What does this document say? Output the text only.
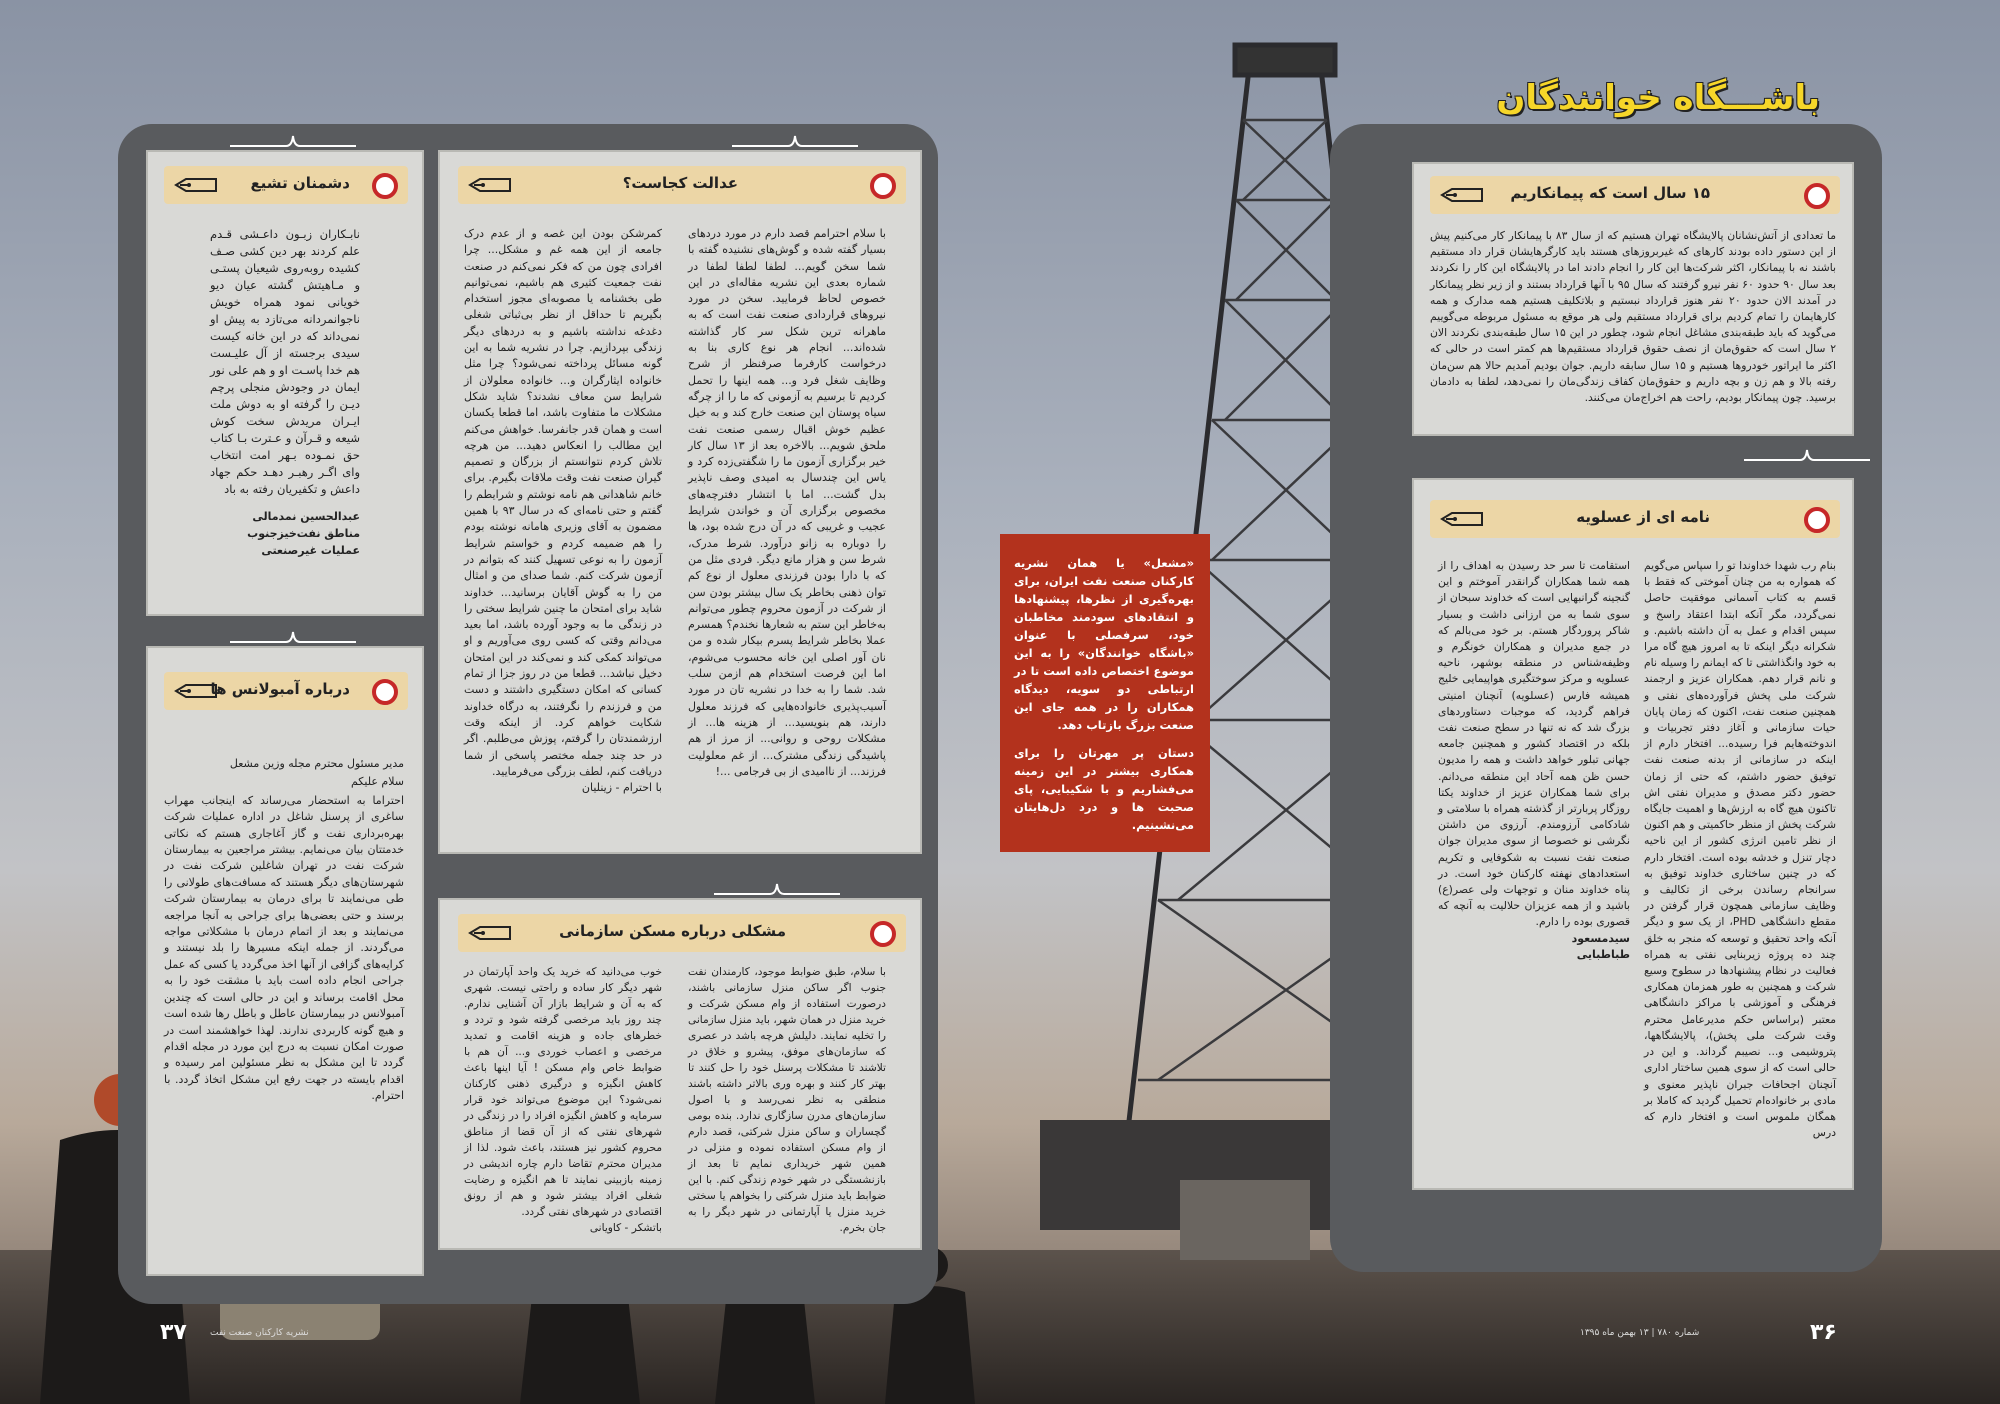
باشـــگاه خوانندگان
دشمنان تشیع

نابـکاران زبـون داعـشی قـدم علم کردند بهر دین کشی صـف کشیده روبه‌روی شیعیان پستـی و مـاهیتش گشته عیان دیو خویانی نمود همراه خویش ناجوانمردانه می‌تازد به پیش او نمی‌داند که در این خانه کیست سیدی برجسته از آل علیـست هم خدا پاسـت او و هم علی نور ایمان در وجودش منجلی پرچم دیـن را گرفته او به دوش ملت ایـران مریدش سخت کوش شیعه و قـرآن و عـترت بـا کتاب حق نمـوده بـهر امت انتخاب وای اگـر رهبـر دهـد حکم جهاد داعش و تکفیریان رفته به باد

عبدالحسین نمدمالی
مناطق نفت‌خیزجنوب
عملیات غیرصنعتی

عدالت کجاست؟
با سلام احترامم قصد دارم در مورد دردهای بسیار گفته شده و گوش‌های نشنیده گفته با شما سخن گویم... لطفا لطفا لطفا در شماره بعدی این نشریه مقاله‌ای در این خصوص لحاظ فرمایید. سخن در مورد نیروهای قراردادی صنعت نفت است که به ماهرانه ترین شکل سر کار گذاشته شده‌اند... انجام هر نوع کاری بنا به درخواست کارفرما صرفنظر از شرح وظایف شغل فرد و... همه اینها را تحمل کردیم تا برسیم به آزمونی که ما را از چرگه سیاه پوستان این صنعت خارج کند و به خیل عظیم خوش اقبال رسمی صنعت نفت ملحق شویم... بالاخره بعد از ۱۳ سال کار خیر برگزاری آزمون ما را شگفتی‌زده کرد و یاس این چندسال به امیدی وصف ناپذیر بدل گشت... اما با انتشار دفترچه‌های مخصوص برگزاری آن و خواندن شرایط عجیب و غریبی که در آن درج شده بود، ها را دوباره به زانو درآورد. شرط مدرک، شرط سن و هزار مانع دیگر. فردی مثل من که با دارا بودن فرزندی معلول از نوع کم توان ذهنی بخاطر یک سال بیشتر بودن سن از شرکت در آزمون محروم چطور می‌توانم به‌خاطر این ستم به شعارها نخندم؟ همسرم عملا بخاطر شرایط پسرم بیکار شده و من نان آور اصلی این خانه محسوب می‌شوم، اما این فرصت استخدام هم ازمن سلب شد. شما را به خدا در نشریه تان در مورد آسیب‌پذیری خانواده‌هایی که فرزند معلول دارند، هم بنویسید... از هزینه ها... از مشکلات روحی و روانی... از مرز از هم پاشیدگی زندگی مشترک... از غم معلولیت فرزند... از ناامیدی از بی فرجامی ...!
کمرشکن بودن این غصه و از عدم درک جامعه از این همه غم و مشکل... چرا افرادی چون من که فکر نمی‌کنم در صنعت نفت جمعیت کثیری هم باشیم، نمی‌توانیم طی بخشنامه یا مصوبه‌ای مجوز استخدام بگیریم تا حداقل از نظر بی‌ثباتی شغلی دغدغه نداشته باشیم و به دردهای دیگر زندگی بپردازیم. چرا در نشریه شما به این گونه مسائل پرداخته نمی‌شود؟ چرا مثل خانواده ایثارگران و... خانواده معلولان از شرایط سن معاف نشدند؟ شاید شکل مشکلات ما متفاوت باشد، اما قطعا یکسان است و همان قدر جانفرسا. خواهش می‌کنم این مطالب را انعکاس دهید... من هرچه تلاش کردم نتوانستم از بزرگان و تصمیم گیران صنعت نفت وقت ملاقات بگیرم. برای خانم شاهدانی هم نامه نوشتم و شرایطم را گفتم و حتی نامه‌ای که در سال ۹۳ با همین مضمون به آقای وزیری هامانه نوشته بودم را هم ضمیمه کردم و خواستم شرایط آزمون را به نوعی تسهیل کنند که بتوانم در آزمون شرکت کنم. شما صدای من و امثال من را به گوش آقایان برسانید... خداوند شاید برای امتحان ما چنین شرایط سختی را در زندگی ما به وجود آورده باشد، اما بعید می‌دانم وقتی که کسی روی می‌آوریم و او می‌تواند کمکی کند و نمی‌کند در این امتحان دخیل نباشد... قطعا من در روز جزا از تمام کسانی که امکان دستگیری داشتند و دست من و فرزندم را نگرفتند، به درگاه خداوند شکایت خواهم کرد. از اینکه وقت ارزشمندتان را گرفتم، پوزش می‌طلبم. اگر در حد چند جمله مختصر پاسخی از شما دریافت کنم، لطف بزرگی می‌فرمایید.
با احترام - زینلیان
درباره آمبولانس ها

مدیر مسئول محترم مجله وزین مشعل

سلام علیکم

احتراما به استحضار می‌رساند که اینجانب مهراب ساغری از پرسنل شاغل در اداره عملیات شرکت بهره‌برداری نفت و گاز آغاجاری هستم که نکاتی خدمتتان بیان می‌نمایم. بیشتر مراجعین به بیمارستان شرکت نفت در تهران شاغلین شرکت نفت در شهرستان‌های دیگر هستند که مسافت‌های طولانی را طی می‌نمایند تا برای درمان به بیمارستان شرکت برسند و حتی بعضی‌ها برای جراحی به آنجا مراجعه می‌نمایند و بعد از اتمام درمان با مشکلاتی مواجه می‌گردند. از جمله اینکه مسیرها را بلد نیستند و کرایه‌های گزافی از آنها اخذ می‌گردد یا کسی که عمل جراحی انجام داده است باید با مشقت خود را به محل اقامت برساند و این در حالی است که چندین آمبولانس در بیمارستان عاطل و باطل رها شده است و هیچ گونه کاربردی ندارند. لهذا خواهشمند است در صورت امکان نسبت به درج این مورد در مجله اقدام گردد تا این مشکل به نظر مسئولین امر رسیده و اقدام بایسته در جهت رفع این مشکل اتخاذ گردد. با احترام.

مشکلی درباره مسکن سازمانی
با سلام، طبق ضوابط موجود، کارمندان نفت جنوب اگر ساکن منزل سازمانی باشند، درصورت استفاده از وام مسکن شرکت و خرید منزل در همان شهر، باید منزل سازمانی را تخلیه نمایند. دلیلش هرچه باشد در عصری که سازمان‌های موفق، پیشرو و خلاق در تلاشند تا مشکلات پرسنل خود را حل کنند تا بهتر کار کنند و بهره وری بالاتر داشته باشند منطقی به نظر نمی‌رسد و با اصول سازمان‌های مدرن سازگاری ندارد. بنده بومی گچساران و ساکن منزل شرکتی، قصد دارم از وام مسکن استفاده نموده و منزلی در همین شهر خریداری نمایم تا بعد از بازنشستگی در شهر خودم زندگی کنم. با این ضوابط باید منزل شرکتی را بخواهم یا سختی خرید منزل یا آپارتمانی در شهر دیگر را به جان بخرم.
خوب می‌دانید که خرید یک واحد آپارتمان در شهر دیگر کار ساده و راحتی نیست. شهری که به آن و شرایط بازار آن آشنایی ندارم. چند روز باید مرخصی گرفته شود و تردد و خطرهای جاده و هزینه اقامت و تمدید مرخصی و اعصاب خوردی و... آن هم با ضوابط خاص وام مسکن ! آیا اینها باعث کاهش انگیزه و درگیری ذهنی کارکنان نمی‌شود؟ این موضوع می‌تواند خود قرار سرمایه و کاهش انگیزه افراد را در زندگی در شهرهای نفتی که از آن قضا از مناطق محروم کشور نیز هستند، باعث شود. لذا از مدیران محترم تقاضا دارم چاره اندیشی در زمینه بازبینی نمایند تا هم انگیزه و رضایت شغلی افراد بیشتر شود و هم از رونق اقتصادی در شهرهای نفتی گردد.
باتشکر - کاویانی

«مشعل» یا همان نشریه کارکنان صنعت نفت ایران، برای بهره‌گیری از نظرها، پیشنهادها و انتقادهای سودمند مخاطبان خود، سرفصلی با عنوان «باشگاه خوانندگان» را به این موضوع اختصاص داده است تا در ارتباطی دو سویه، دیدگاه همکاران را در همه جای این صنعت بزرگ بازتاب دهد.

دستان پر مهرتان را برای همکاری بیشتر در این زمینه می‌فشاریم و با شکیبایی، پای صحبت ها و درد دل‌هایتان می‌نشینیم.

۱۵ سال است که پیمانکاریم

ما تعدادی از آتش‌نشانان پالایشگاه تهران هستیم که از سال ۸۳ با پیمانکار کار می‌کنیم پیش از این دستور داده بودند کارهای که غیربروزهای هستند باید کارگرهایشان قرار داد مستقیم باشند نه با پیمانکار، اکثر شرکت‌ها این کار را انجام دادند اما در پالایشگاه این کار را نکردند بعد سال ۹۰ حدود ۶۰ نفر نیرو گرفتند که سال ۹۵ با آنها قرارداد بستند و از زیر نظر پیمانکار در آمدند الان حدود ۲۰ نفر هنوز قرارداد نبستیم و بلاتکلیف هستیم همه مدارک و همه کارهایمان را تمام کردیم برای قرارداد مستقیم ولی هر موقع به مسئول مربوطه می‌گوییم می‌گوید که باید طبقه‌بندی مشاغل انجام شود، چطور در این ۱۵ سال طبقه‌بندی نکردند الان ۲ سال است که حقوق‌مان از نصف حقوق قرارداد مستقیم‌ها هم کمتر است در حالی که اکثر ما ایراتور خودروها هستیم و ۱۵ سال سابقه داریم. جوان بودیم آمدیم حالا هم سن‌مان رفته بالا و هم زن و بچه داریم و حقوق‌مان کفاف زندگی‌مان را نمی‌دهد، لطفا به دادمان برسید. چون پیمانکار بودیم، راحت هم اخراج‌مان می‌کنند.

نامه ای از عسلویه
بنام رب شهدا خداوندا تو را سپاس می‌گویم که همواره به من چنان آموختی که فقط با قسم به کتاب آسمانی موفقیت حاصل نمی‌گردد، مگر آنکه ابتدا اعتقاد راسخ و سپس اقدام و عمل به آن داشته باشیم. و شکرانه دیگر اینکه تا به امروز هیچ گاه مرا به خود وانگذاشتی تا که ایمانم را وسیله نام و نانم قرار دهم. همکاران عزیز و ارجمند شرکت ملی پخش فرآورده‌های نفتی و همچنین صنعت نفت، اکنون که زمان پایان حیات سازمانی و آغاز دفتر تجربیات و اندوخته‌هایم فرا رسیده... افتخار دارم از اینکه در سازمانی از بدنه صنعت نفت توفیق حضور داشتم، که حتی از زمان حضور دکتر مصدق و مدیران نفتی اش تاکنون هیچ گاه به ارزش‌ها و اهمیت جایگاه شرکت پخش از منظر حاکمیتی و هم اکنون از نظر تامین انرژی کشور از این ناحیه دچار تنزل و خدشه بوده است. افتخار دارم که در چنین ساختاری خداوند توفیق به سرانجام رساندن برخی از تکالیف و وظایف سازمانی همچون قرار گرفتن در مقطع دانشگاهی PHD، از یک سو و دیگر آنکه واحد تحقیق و توسعه که منجر به خلق چند ده پروژه زیربنایی نفتی به همراه فعالیت در نظام پیشنهادها در سطوح وسیع شرکت و همچنین به طور همزمان همکاری فرهنگی و آموزشی با مراکز دانشگاهی معتبر (براساس حکم مدیرعامل محترم وقت شرکت ملی پخش)، پالایشگاهها، پتروشیمی و... نصیبم گرداند. و این در حالی است که از سوی همین ساختار اداری آنچنان اجحافات جبران ناپذیر معنوی و مادی بر خانواده‌ام تحمیل گردید که کاملا بر همگان ملموس است و افتخار دارم که درس
استقامت تا سر حد رسیدن به اهداف را از همه شما همکاران گرانقدر آموختم و این گنجینه گرانبهایی است که خداوند سبحان از سوی شما به من ارزانی داشت و بسیار شاکر پروردگار هستم. بر خود می‌بالم که در جمع مدیران و همکاران خونگرم و وظیفه‌شناس در منطقه بوشهر، ناحیه عسلویه و مرکز سوختگیری هواپیمایی خلیج همیشه فارس (عسلویه) آنچنان امنیتی فراهم گردید، که موجبات دستاوردهای بزرگ شد که نه تنها در سطح صنعت نفت بلکه در اقتصاد کشور و همچنین جامعه جهانی تبلور خواهد داشت و همه را مدیون حسن ظن همه آحاد این منطقه می‌دانم. برای شما همکاران عزیز از خداوند یکتا روزگار پربارتر از گذشته همراه با سلامتی و شادکامی آرزومندم. آرزوی من داشتن نگرشی نو خصوصا از سوی مدیران جوان صنعت نفت نسبت به شکوفایی و تکریم استعدادهای نهفته کارکنان خود است. در پناه خداوند منان و توجهات ولی عصر(ع) باشید و از همه عزیزان حلالیت به آنچه که قصوری بوده را دارم.
سیدمسعود
طباطبایی
۳۷	نشریه کارکنان صنعت نفت	۳۶
شماره ۷۸۰ | ۱۳ بهمن ماه ۱۳۹۵
